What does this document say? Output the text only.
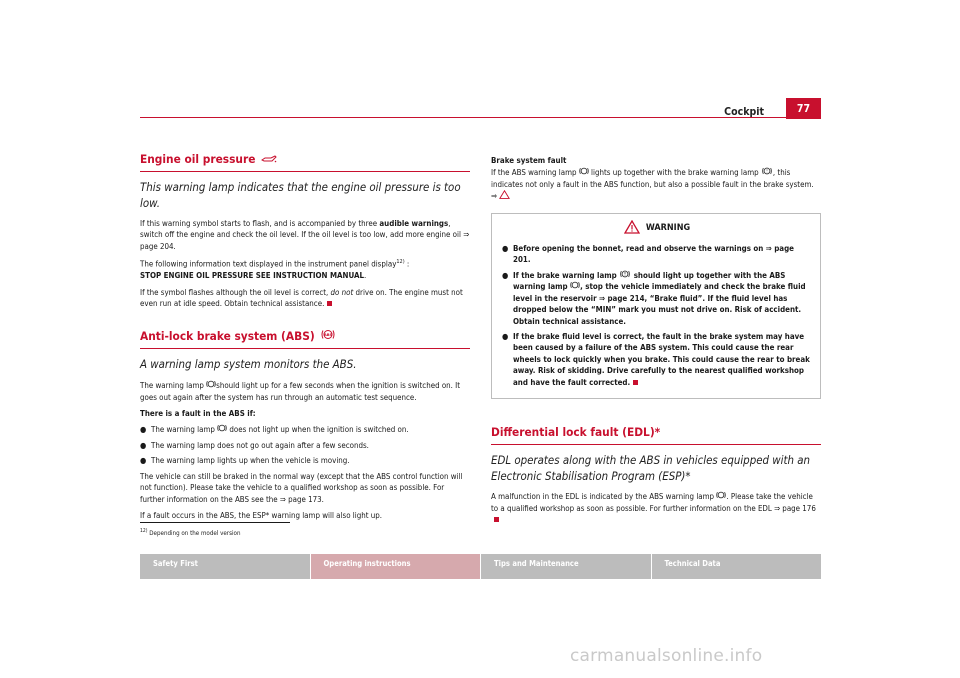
Cockpit	77
Engine oil pressure
This warning lamp indicates that the engine oil pressure is too low.

If this warning symbol starts to flash, and is accompanied by three audible warnings, switch off the engine and check the oil level. If the oil level is too low, add more engine oil ⇒ page 204.

The following information text displayed in the instrument panel display$^{12)}$ :
STOP ENGINE OIL PRESSURE SEE INSTRUCTION MANUAL.

If the symbol flashes although the oil level is correct, do not drive on. The engine must not even run at idle speed. Obtain technical assistance.

Anti-lock brake system (ABS) ABS
A warning lamp system monitors the ABS.

The warning lamp should light up for a few seconds when the ignition is switched on. It goes out again after the system has run through an automatic test sequence.

There is a fault in the ABS if:

● The warning lamp  does not light up when the ignition is switched on.
● The warning lamp does not go out again after a few seconds.
● The warning lamp lights up when the vehicle is moving.

The vehicle can still be braked in the normal way (except that the ABS control function will not function). Please take the vehicle to a qualified workshop as soon as possible. For further information on the ABS see the ⇒ page 173.

If a fault occurs in the ABS, the ESP* warning lamp will also light up.

$^{12)}$ Depending on the model version

Brake system fault

If the ABS warning lamp  lights up together with the brake warning lamp ! , this indicates not only a fault in the ABS function, but also a possible fault in the brake system. ⇒

WARNING
● Before opening the bonnet, read and observe the warnings on ⇒ page 201.
● If the brake warning lamp ! should light up together with the ABS warning lamp , stop the vehicle immediately and check the brake fluid level in the reservoir ⇒ page 214, “Brake fluid”. If the fluid level has dropped below the “MIN” mark you must not drive on. Risk of accident. Obtain technical assistance.
● If the brake fluid level is correct, the fault in the brake system may have been caused by a failure of the ABS system. This could cause the rear wheels to lock quickly when you brake. This could cause the rear to break away. Risk of skidding. Drive carefully to the nearest qualified workshop and have the fault corrected.
Differential lock fault (EDL)*
EDL operates along with the ABS in vehicles equipped with an Electronic Stabilisation Program (ESP)*

A malfunction in the EDL is indicated by the ABS warning lamp . Please take the vehicle to a qualified workshop as soon as possible. For further information on the EDL ⇒ page 176

Safety First	Operating instructions	Tips and Maintenance	Technical Data
carmanualsonline.info
